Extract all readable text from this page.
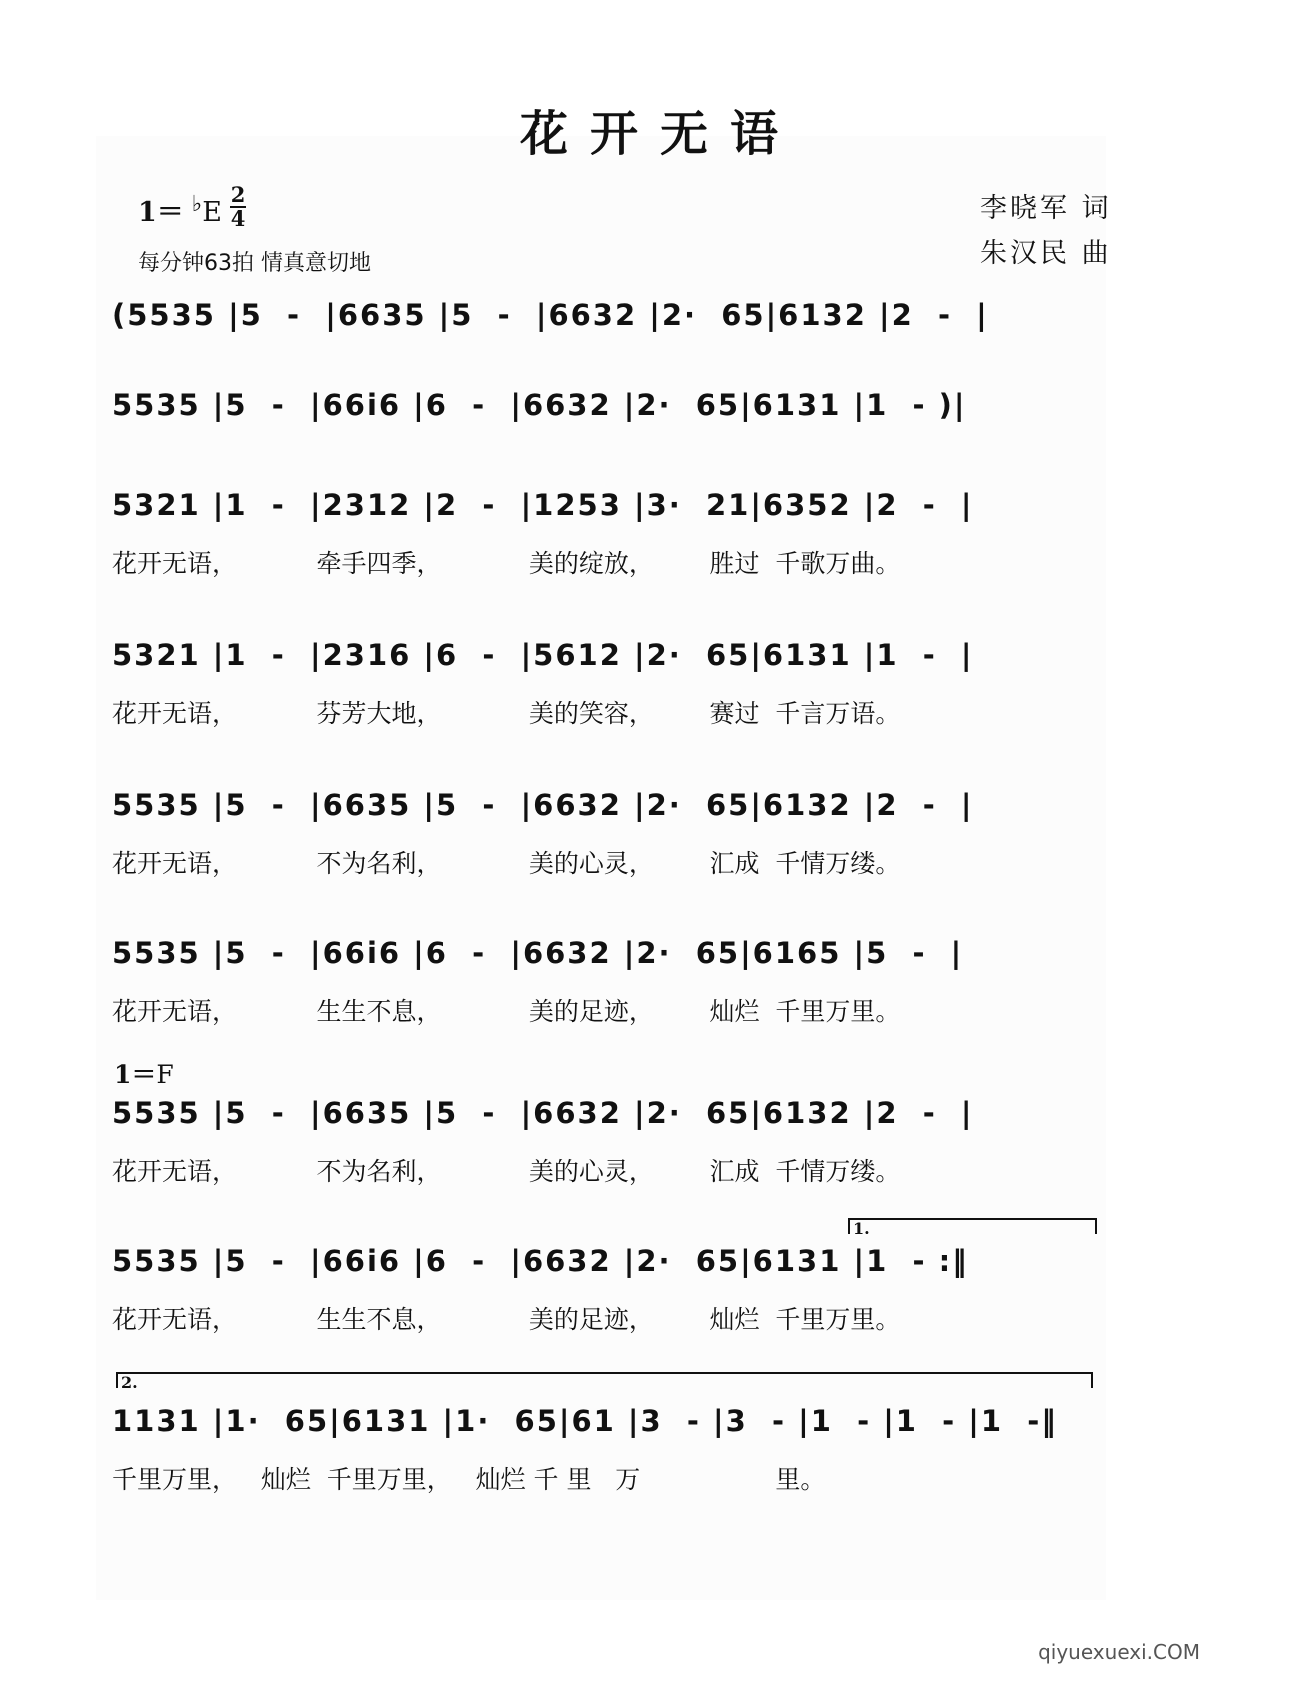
花开无语
1＝ ♭E
2
4
每分钟63拍 情真意切地
李晓军 词
朱汉民 曲
(5535 |5  -  |6635 |5  -  |6632 |2·  65|6132 |2  -  |
5535 |5  -  |66i6 |6  -  |6632 |2·  65|6131 |1  - )|
5321 |1  -  |2312 |2  -  |1253 |3·  21|6352 |2  -  |
花开无语，          牵手四季，           美的绽放，       胜过  千歌万曲。
5321 |1  -  |2316 |6  -  |5612 |2·  65|6131 |1  -  |
花开无语，          芬芳大地，           美的笑容，       赛过  千言万语。
5535 |5  -  |6635 |5  -  |6632 |2·  65|6132 |2  -  |
花开无语，          不为名利，           美的心灵，       汇成  千情万缕。
5535 |5  -  |66i6 |6  -  |6632 |2·  65|6165 |5  -  |
花开无语，          生生不息，           美的足迹，       灿烂  千里万里。
1＝F
5535 |5  -  |6635 |5  -  |6632 |2·  65|6132 |2  -  |
花开无语，          不为名利，           美的心灵，       汇成  千情万缕。
1.
5535 |5  -  |66i6 |6  -  |6632 |2·  65|6131 |1  - :‖
花开无语，          生生不息，           美的足迹，       灿烂  千里万里。
2.
1131 |1·  65|6131 |1·  65|61 |3  - |3  - |1  - |1  - |1  -‖
千里万里，   灿烂  千里万里，   灿烂 千 里   万                 里。
qiyuexuexi.COM
